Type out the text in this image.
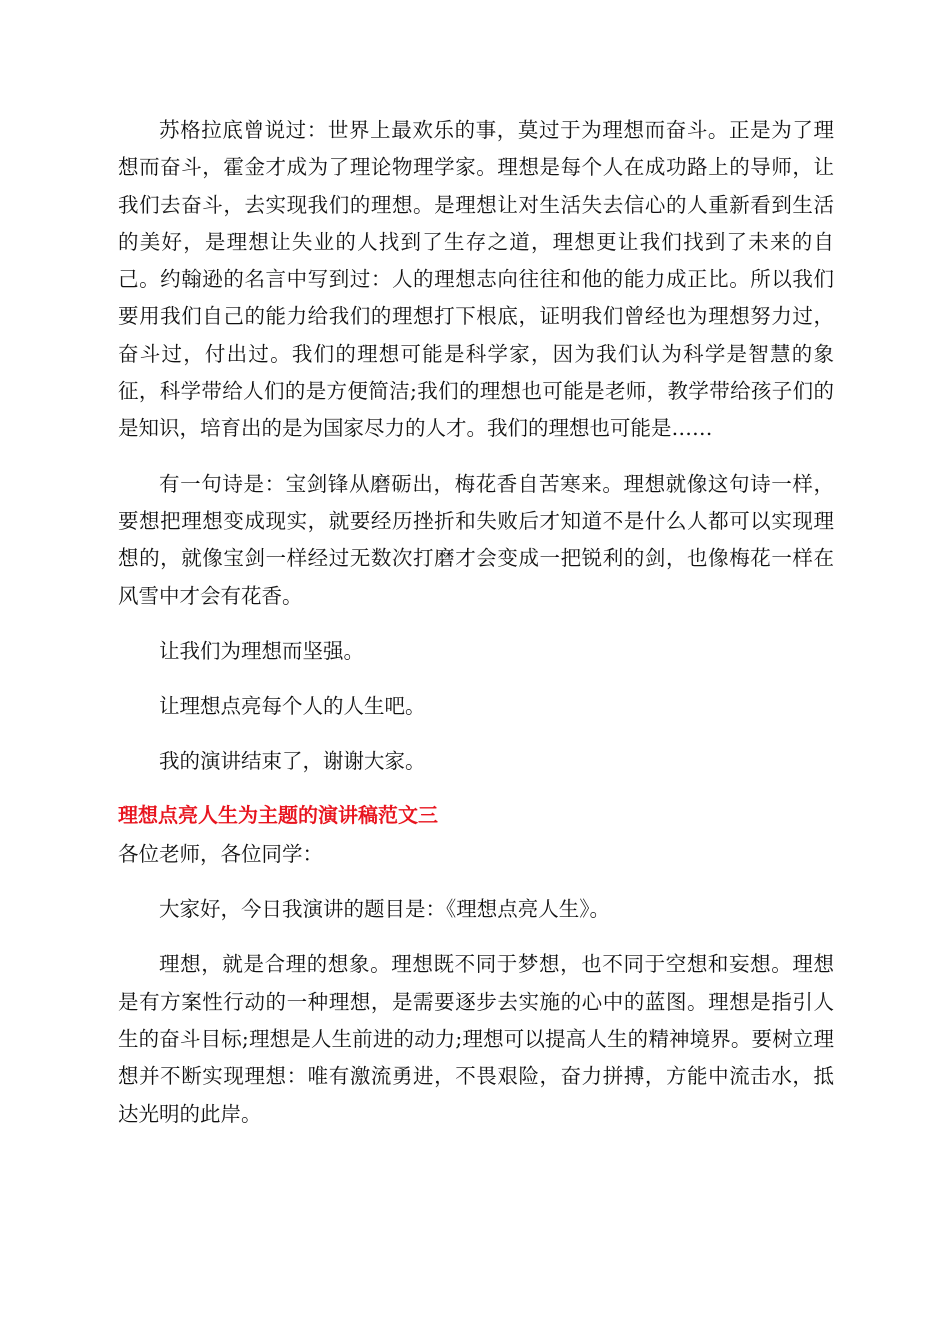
苏格拉底曾说过：世界上最欢乐的事，莫过于为理想而奋斗。正是为了理想而奋斗，霍金才成为了理论物理学家。理想是每个人在成功路上的导师，让我们去奋斗，去实现我们的理想。是理想让对生活失去信心的人重新看到生活的美好，是理想让失业的人找到了生存之道，理想更让我们找到了未来的自己。约翰逊的名言中写到过：人的理想志向往往和他的能力成正比。所以我们要用我们自己的能力给我们的理想打下根底，证明我们曾经也为理想努力过，奋斗过，付出过。我们的理想可能是科学家，因为我们认为科学是智慧的象征，科学带给人们的是方便简洁;我们的理想也可能是老师，教学带给孩子们的是知识，培育出的是为国家尽力的人才。我们的理想也可能是……

有一句诗是：宝剑锋从磨砺出，梅花香自苦寒来。理想就像这句诗一样，要想把理想变成现实，就要经历挫折和失败后才知道不是什么人都可以实现理想的，就像宝剑一样经过无数次打磨才会变成一把锐利的剑，也像梅花一样在风雪中才会有花香。

让我们为理想而坚强。

让理想点亮每个人的人生吧。

我的演讲结束了，谢谢大家。

理想点亮人生为主题的演讲稿范文三

各位老师，各位同学：

大家好，今日我演讲的题目是：《理想点亮人生》。

理想，就是合理的想象。理想既不同于梦想，也不同于空想和妄想。理想是有方案性行动的一种理想，是需要逐步去实施的心中的蓝图。理想是指引人生的奋斗目标;理想是人生前进的动力;理想可以提高人生的精神境界。要树立理想并不断实现理想：唯有激流勇进，不畏艰险，奋力拼搏，方能中流击水，抵达光明的此岸。
